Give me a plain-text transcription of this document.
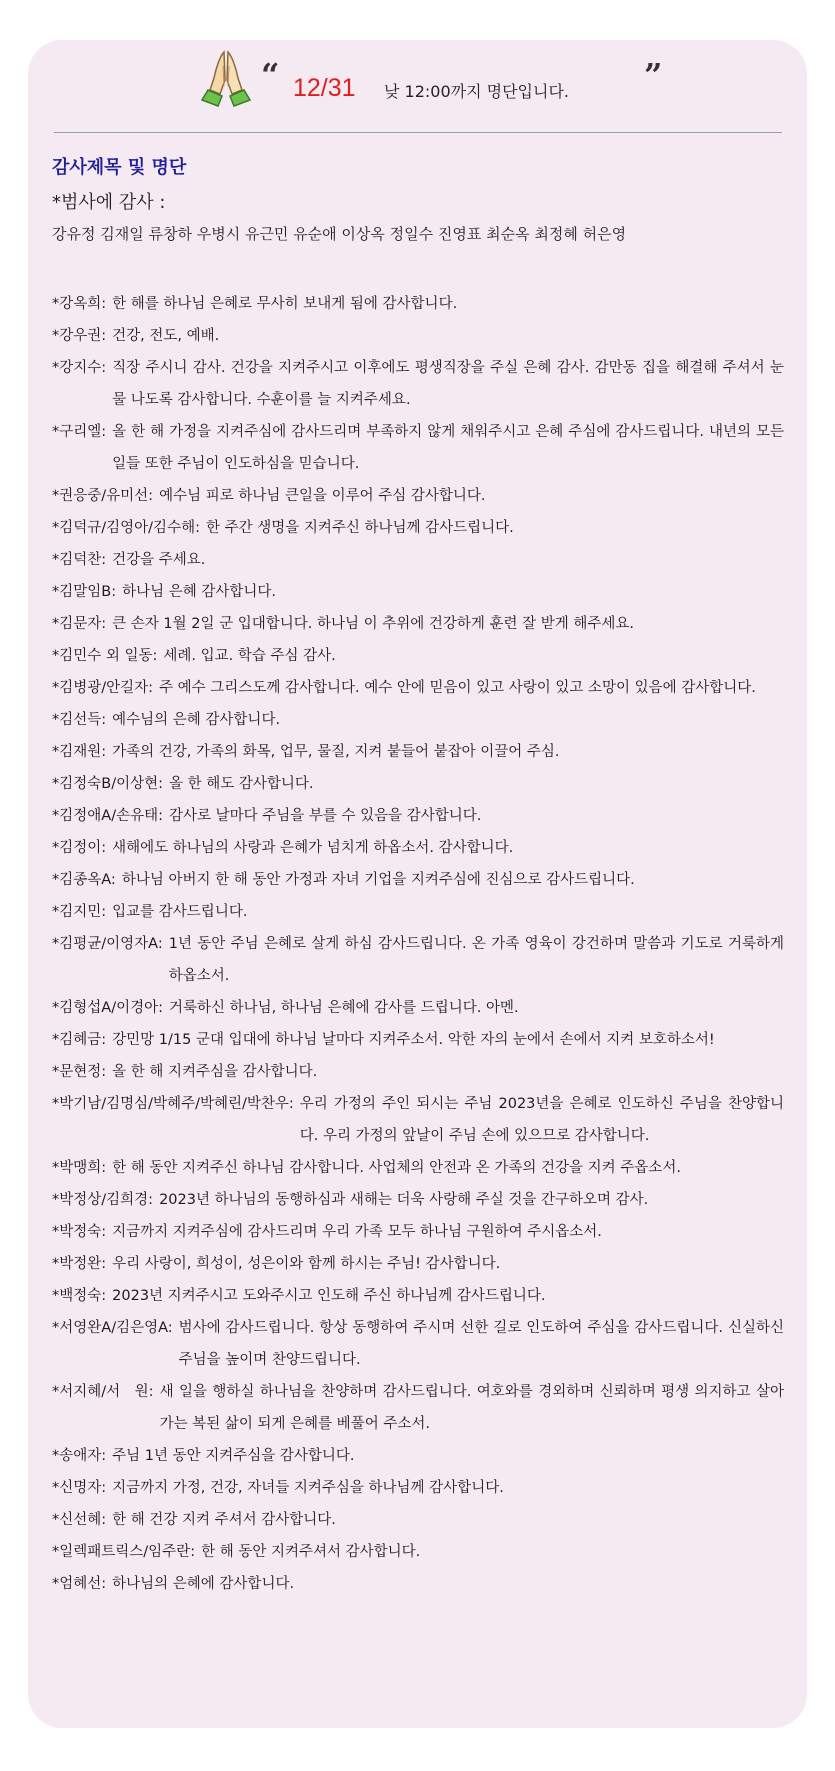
“ 12/31 낮 12:00까지 명단입니다. ”
감사제목 및 명단
*범사에 감사 :
강유정 김재일 류창하 우병시 유근민 유순애 이상옥 정일수 진영표 최순옥 최정혜 허은영
*강옥희: 한 해를 하나님 은혜로 무사히 보내게 됨에 감사합니다.
*강우권: 건강, 전도, 예배.
*강지수: 직장 주시니 감사. 건강을 지켜주시고 이후에도 평생직장을 주실 은혜 감사. 감만동 집을 해결해 주셔서 눈물 나도록 감사합니다. 수훈이를 늘 지켜주세요.
*구리엘: 올 한 해 가정을 지켜주심에 감사드리며 부족하지 않게 채워주시고 은혜 주심에 감사드립니다. 내년의 모든 일들 또한 주님이 인도하심을 믿습니다.
*권응중/유미선: 예수님 피로 하나님 큰일을 이루어 주심 감사합니다.
*김덕규/김영아/김수해: 한 주간 생명을 지켜주신 하나님께 감사드립니다.
*김덕찬: 건강을 주세요.
*김말임B: 하나님 은혜 감사합니다.
*김문자: 큰 손자 1월 2일 군 입대합니다. 하나님 이 추위에 건강하게 훈련 잘 받게 해주세요.
*김민수 외 일동: 세례. 입교. 학습 주심 감사.
*김병광/안길자: 주 예수 그리스도께 감사합니다. 예수 안에 믿음이 있고 사랑이 있고 소망이 있음에 감사합니다.
*김선득: 예수님의 은혜 감사합니다.
*김재원: 가족의 건강, 가족의 화목, 업무, 물질, 지켜 붙들어 붙잡아 이끌어 주심.
*김정숙B/이상현: 올 한 해도 감사합니다.
*김정애A/손유태: 감사로 날마다 주님을 부를 수 있음을 감사합니다.
*김정이: 새해에도 하나님의 사랑과 은혜가 넘치게 하옵소서. 감사합니다.
*김종옥A: 하나님 아버지 한 해 동안 가정과 자녀 기업을 지켜주심에 진심으로 감사드립니다.
*김지민: 입교를 감사드립니다.
*김평균/이영자A: 1년 동안 주님 은혜로 살게 하심 감사드립니다. 온 가족 영육이 강건하며 말씀과 기도로 거룩하게 하옵소서.
*김형섭A/이경아: 거룩하신 하나님, 하나님 은혜에 감사를 드립니다. 아멘.
*김혜금: 강민망 1/15 군대 입대에 하나님 날마다 지켜주소서. 악한 자의 눈에서 손에서 지켜 보호하소서!
*문현정: 올 한 해 지켜주심을 감사합니다.
*박기남/김명심/박혜주/박혜린/박찬우: 우리 가정의 주인 되시는 주님 2023년을 은혜로 인도하신 주님을 찬양합니다. 우리 가정의 앞날이 주님 손에 있으므로 감사합니다.
*박맹희: 한 해 동안 지켜주신 하나님 감사합니다. 사업체의 안전과 온 가족의 건강을 지켜 주옵소서.
*박정상/김희경: 2023년 하나님의 동행하심과 새해는 더욱 사랑해 주실 것을 간구하오며 감사.
*박정숙: 지금까지 지켜주심에 감사드리며 우리 가족 모두 하나님 구원하여 주시옵소서.
*박정완: 우리 사랑이, 희성이, 성은이와 함께 하시는 주님! 감사합니다.
*백정숙: 2023년 지켜주시고 도와주시고 인도해 주신 하나님께 감사드립니다.
*서영완A/김은영A: 범사에 감사드립니다. 항상 동행하여 주시며 선한 길로 인도하여 주심을 감사드립니다. 신실하신 주님을 높이며 찬양드립니다.
*서지혜/서　원: 새 일을 행하실 하나님을 찬양하며 감사드립니다. 여호와를 경외하며 신뢰하며 평생 의지하고 살아가는 복된 삶이 되게 은혜를 베풀어 주소서.
*송애자: 주님 1년 동안 지켜주심을 감사합니다.
*신명자: 지금까지 가정, 건강, 자녀들 지켜주심을 하나님께 감사합니다.
*신선혜: 한 해 건강 지켜 주셔서 감사합니다.
*일렉패트릭스/임주란: 한 해 동안 지켜주셔서 감사합니다.
*엄혜선: 하나님의 은혜에 감사합니다.
